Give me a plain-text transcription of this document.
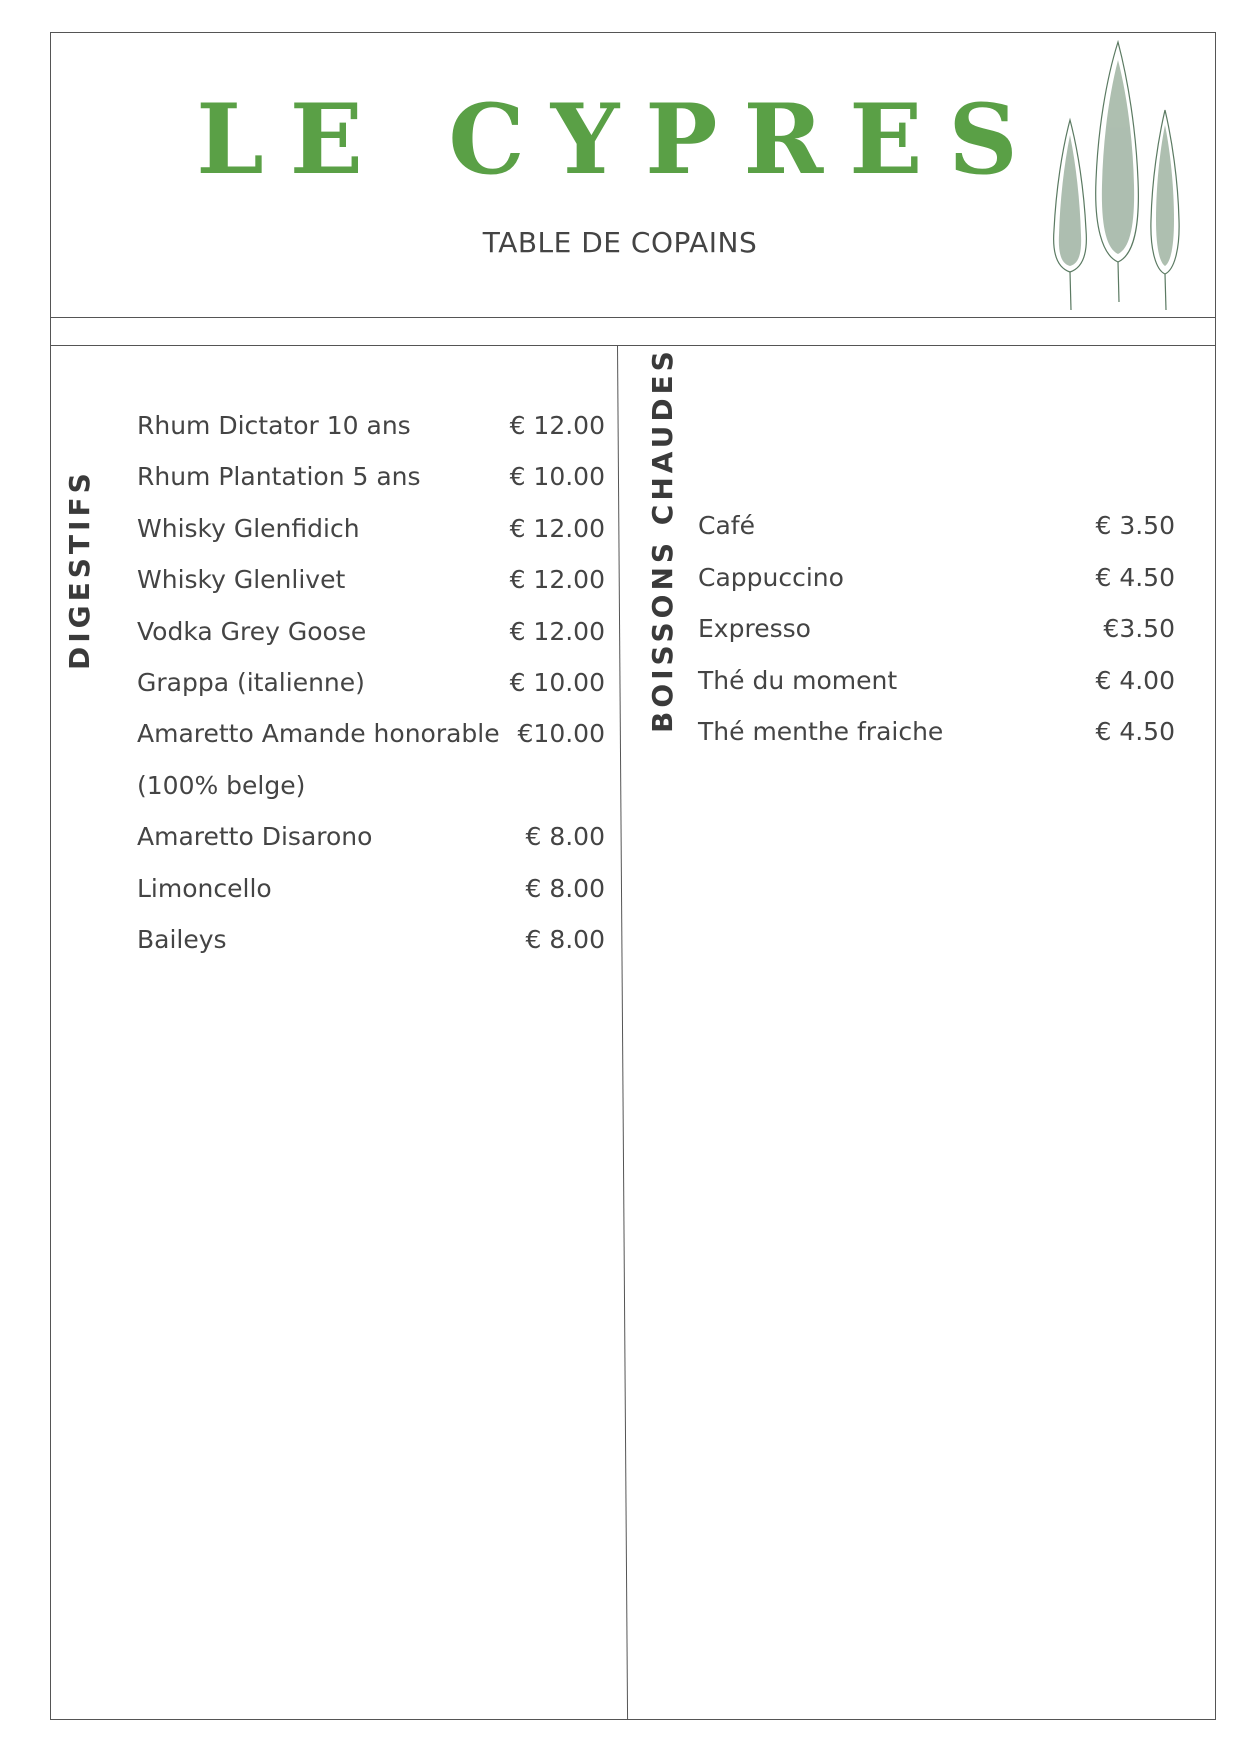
LE CYPRES
TABLE DE COPAINS
DIGESTIFS
Rhum Dictator 10 ans	€ 12.00
Rhum Plantation 5 ans	€ 10.00
Whisky Glenfidich	€ 12.00
Whisky Glenlivet	€ 12.00
Vodka Grey Goose	€ 12.00
Grappa (italienne)	€ 10.00
Amaretto Amande honorable €10.00
(100% belge)
Amaretto Disarono	€ 8.00
Limoncello	€ 8.00
Baileys	€ 8.00
BOISSONS CHAUDES Café	€ 3.50
Cappuccino	€ 4.50
Expresso	€3.50
Thé du moment	€ 4.00
Thé menthe fraiche	€ 4.50
